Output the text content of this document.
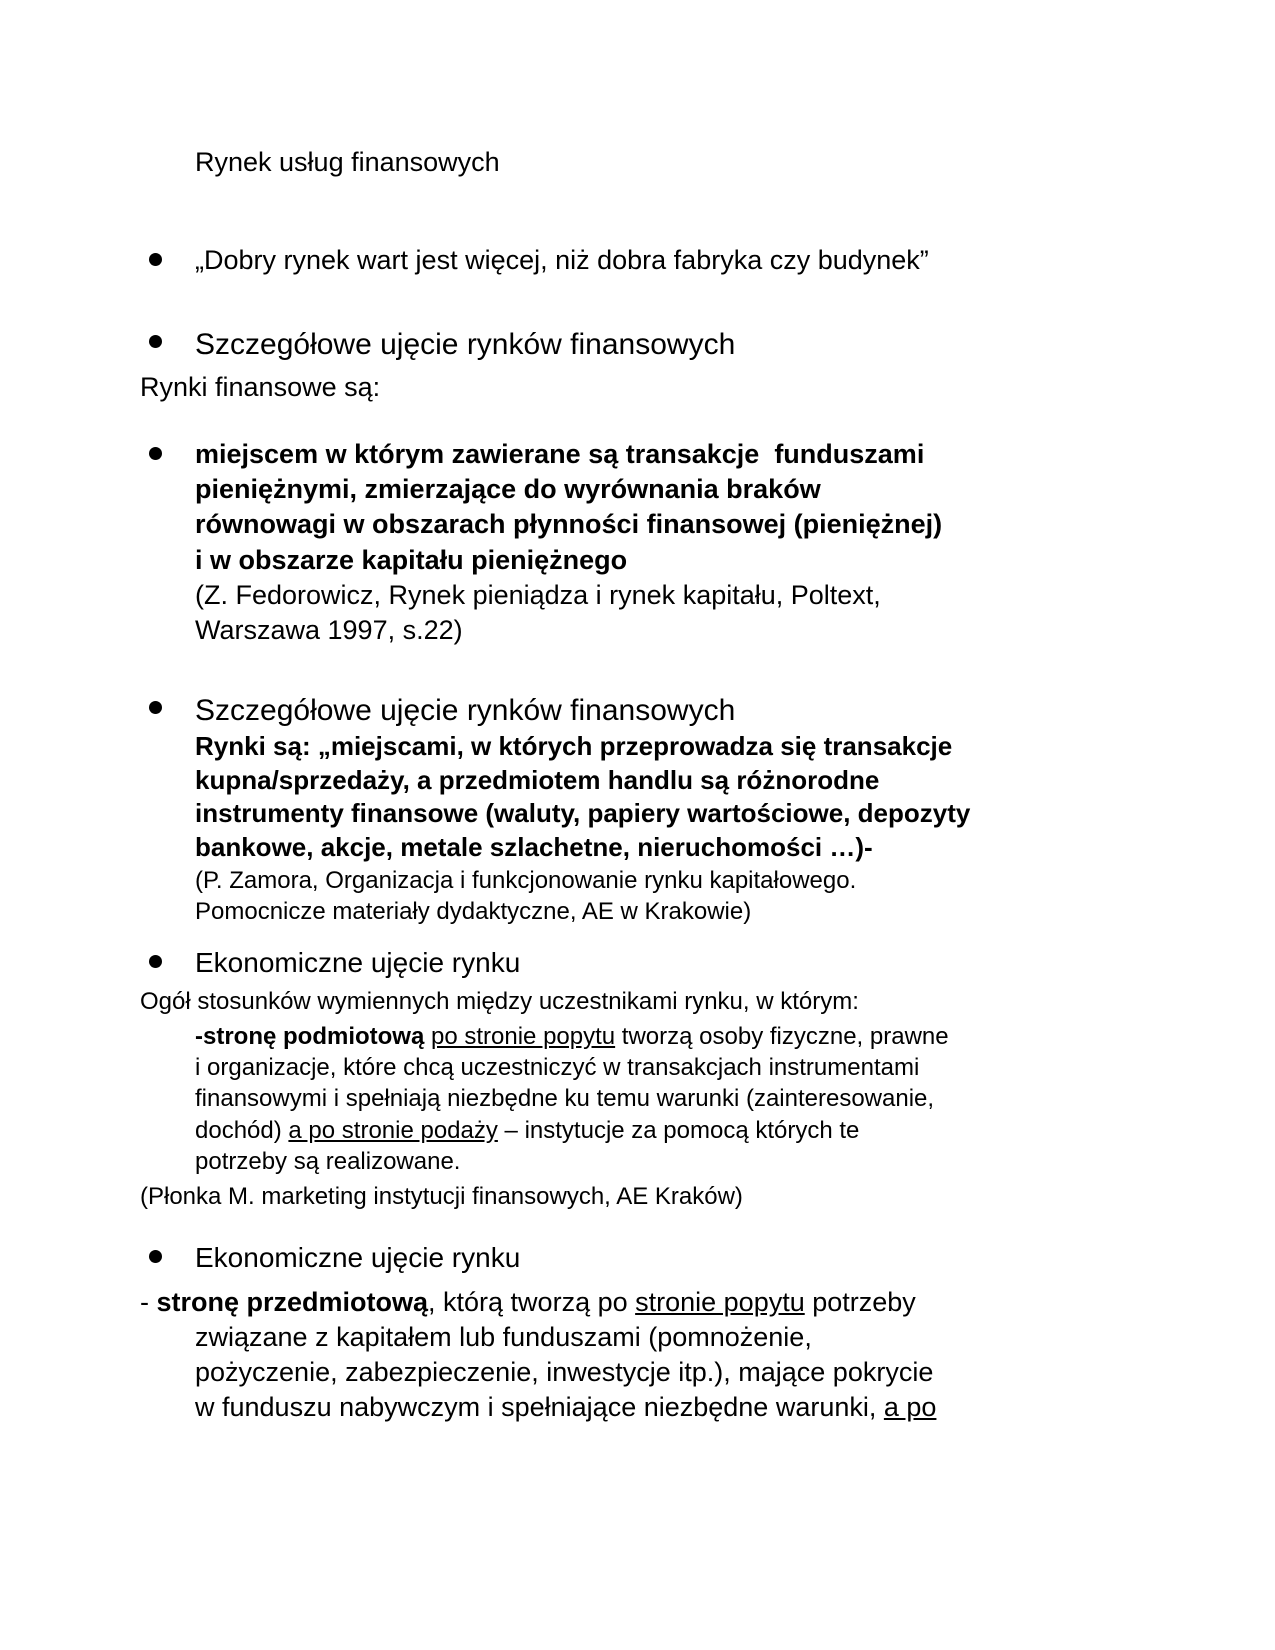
Rynek usług finansowych
„Dobry rynek wart jest więcej, niż dobra fabryka czy budynek”
Szczegółowe ujęcie rynków finansowych
Rynki finansowe są:
miejscem w którym zawierane są transakcje  funduszami
pieniężnymi, zmierzające do wyrównania braków
równowagi w obszarach płynności finansowej (pieniężnej)
i w obszarze kapitału pieniężnego
(Z. Fedorowicz, Rynek pieniądza i rynek kapitału, Poltext,
Warszawa 1997, s.22)
Szczegółowe ujęcie rynków finansowych
Rynki są: „miejscami, w których przeprowadza się transakcje
kupna/sprzedaży, a przedmiotem handlu są różnorodne
instrumenty finansowe (waluty, papiery wartościowe, depozyty
bankowe, akcje, metale szlachetne, nieruchomości …)-
(P. Zamora, Organizacja i funkcjonowanie rynku kapitałowego.
Pomocnicze materiały dydaktyczne, AE w Krakowie)
Ekonomiczne ujęcie rynku
Ogół stosunków wymiennych między uczestnikami rynku, w którym:
-stronę podmiotową po stronie popytu tworzą osoby fizyczne, prawne
i organizacje, które chcą uczestniczyć w transakcjach instrumentami
finansowymi i spełniają niezbędne ku temu warunki (zainteresowanie,
dochód) a po stronie podaży – instytucje za pomocą których te
potrzeby są realizowane.
(Płonka M. marketing instytucji finansowych, AE Kraków)
Ekonomiczne ujęcie rynku
- stronę przedmiotową, którą tworzą po stronie popytu potrzeby
związane z kapitałem lub funduszami (pomnożenie,
pożyczenie, zabezpieczenie, inwestycje itp.), mające pokrycie
w funduszu nabywczym i spełniające niezbędne warunki, a po
